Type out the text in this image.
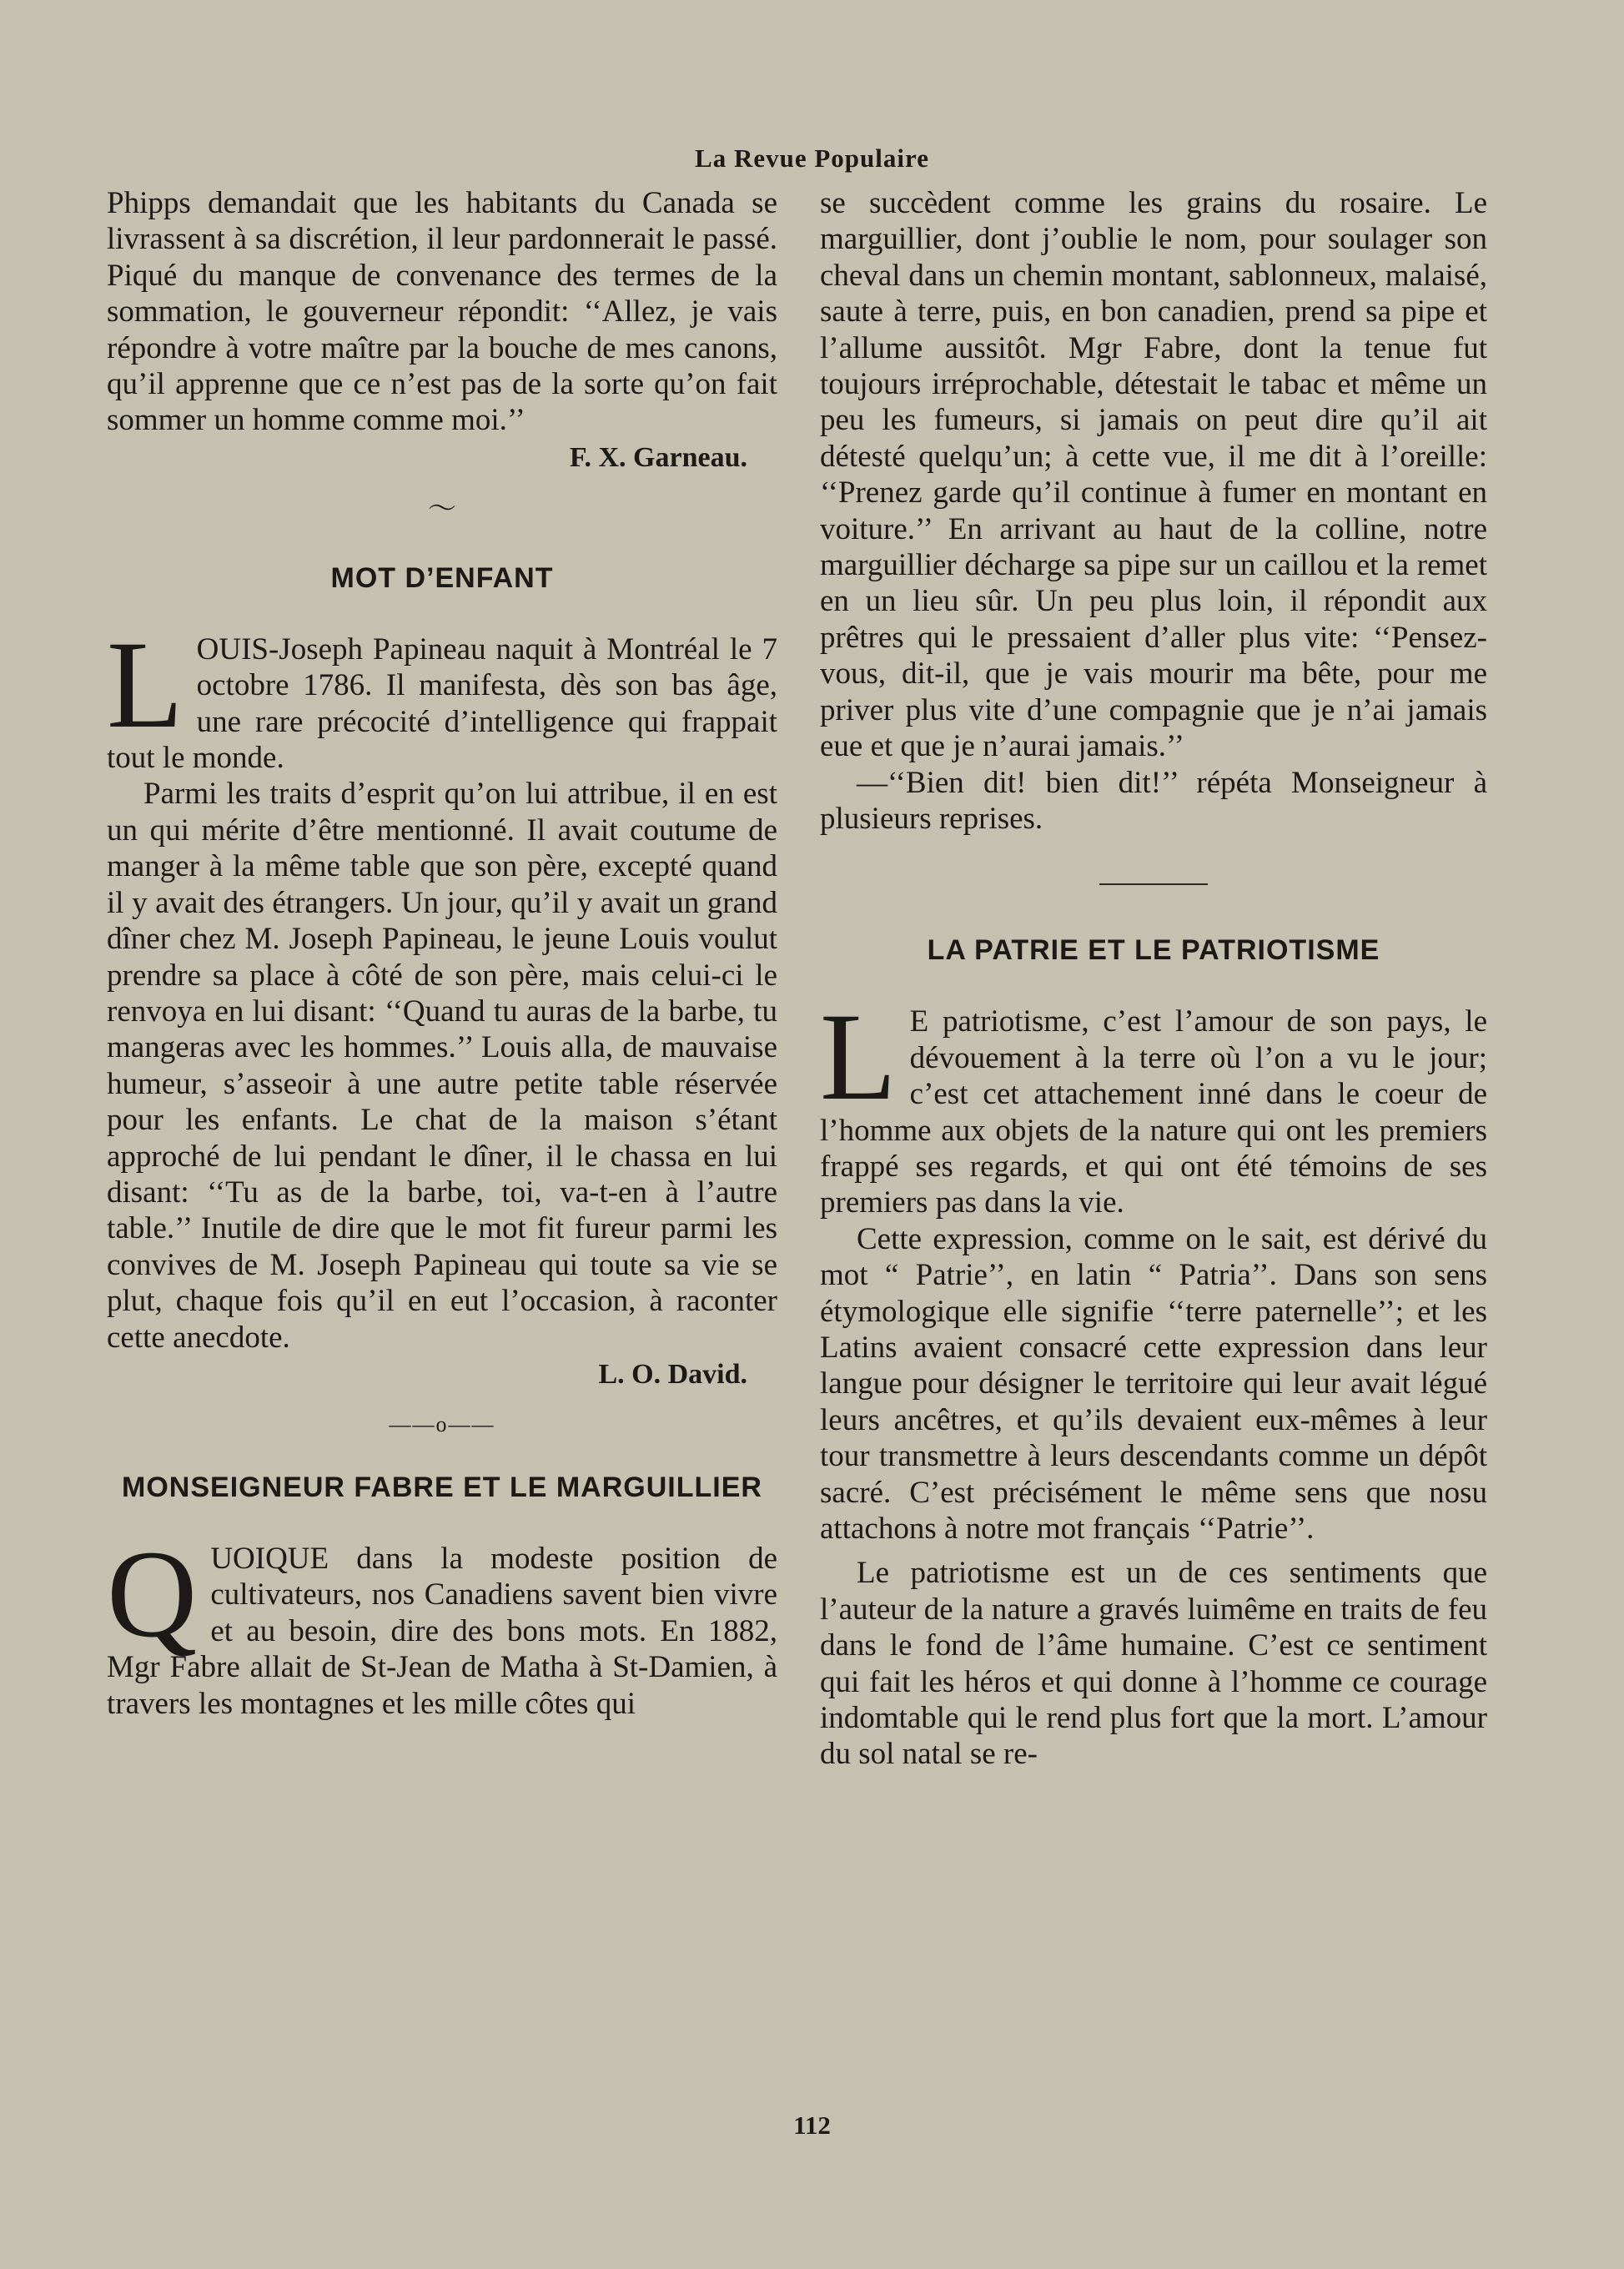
La Revue Populaire

Phipps demandait que les habitants du Canada se livrassent à sa discrétion, il leur pardonnerait le passé. Piqué du manque de convenance des termes de la sommation, le gouverneur répondit: ‘‘Allez, je vais répondre à votre maître par la bouche de mes canons, qu’il apprenne que ce n’est pas de la sorte qu’on fait sommer un homme comme moi.’’

F. X. Garneau.
〜
MOT D’ENFANT
L OUIS-Joseph Papineau naquit à Montréal le 7 octobre 1786. Il manifesta, dès son bas âge, une rare précocité d’intelligence qui frappait tout le monde.

Parmi les traits d’esprit qu’on lui attribue, il en est un qui mérite d’être mentionné. Il avait coutume de manger à la même table que son père, excepté quand il y avait des étrangers. Un jour, qu’il y avait un grand dîner chez M. Joseph Papineau, le jeune Louis voulut prendre sa place à côté de son père, mais celui-ci le renvoya en lui disant: ‘‘Quand tu auras de la barbe, tu mangeras avec les hommes.’’ Louis alla, de mauvaise humeur, s’asseoir à une autre petite table réservée pour les enfants. Le chat de la maison s’étant approché de lui pendant le dîner, il le chassa en lui disant: ‘‘Tu as de la barbe, toi, va-t-en à l’autre table.’’ Inutile de dire que le mot fit fureur parmi les convives de M. Joseph Papineau qui toute sa vie se plut, chaque fois qu’il en eut l’occasion, à raconter cette anecdote.

L. O. David.
——o——
MONSEIGNEUR FABRE ET LE MARGUILLIER
Q UOIQUE dans la modeste position de cultivateurs, nos Canadiens savent bien vivre et au besoin, dire des bons mots. En 1882, Mgr Fabre allait de St-Jean de Matha à St-Damien, à travers les montagnes et les mille côtes qui

se succèdent comme les grains du rosaire. Le marguillier, dont j’oublie le nom, pour soulager son cheval dans un chemin montant, sablonneux, malaisé, saute à terre, puis, en bon canadien, prend sa pipe et l’allume aussitôt. Mgr Fabre, dont la tenue fut toujours irréprochable, détestait le tabac et même un peu les fumeurs, si jamais on peut dire qu’il ait détesté quelqu’un; à cette vue, il me dit à l’oreille: ‘‘Prenez garde qu’il continue à fumer en montant en voiture.’’ En arrivant au haut de la colline, notre marguillier décharge sa pipe sur un caillou et la remet en un lieu sûr. Un peu plus loin, il répondit aux prêtres qui le pressaient d’aller plus vite: ‘‘Pensez-vous, dit-il, que je vais mourir ma bête, pour me priver plus vite d’une compagnie que je n’ai jamais eue et que je n’aurai jamais.’’

—‘‘Bien dit! bien dit!’’ répéta Monseigneur à plusieurs reprises.

LA PATRIE ET LE PATRIOTISME
L E patriotisme, c’est l’amour de son pays, le dévouement à la terre où l’on a vu le jour; c’est cet attachement inné dans le coeur de l’homme aux objets de la nature qui ont les premiers frappé ses regards, et qui ont été témoins de ses premiers pas dans la vie.

Cette expression, comme on le sait, est dérivé du mot “ Patrie’’, en latin “ Patria’’. Dans son sens étymologique elle signifie ‘‘terre paternelle’’; et les Latins avaient consacré cette expression dans leur langue pour désigner le territoire qui leur avait légué leurs ancêtres, et qu’ils devaient eux-mêmes à leur tour transmettre à leurs descendants comme un dépôt sacré. C’est précisément le même sens que nosu attachons à notre mot français ‘‘Patrie’’.

Le patriotisme est un de ces sentiments que l’auteur de la nature a gravés luimême en traits de feu dans le fond de l’âme humaine. C’est ce sentiment qui fait les héros et qui donne à l’homme ce courage indomtable qui le rend plus fort que la mort. L’amour du sol natal se re-

112
